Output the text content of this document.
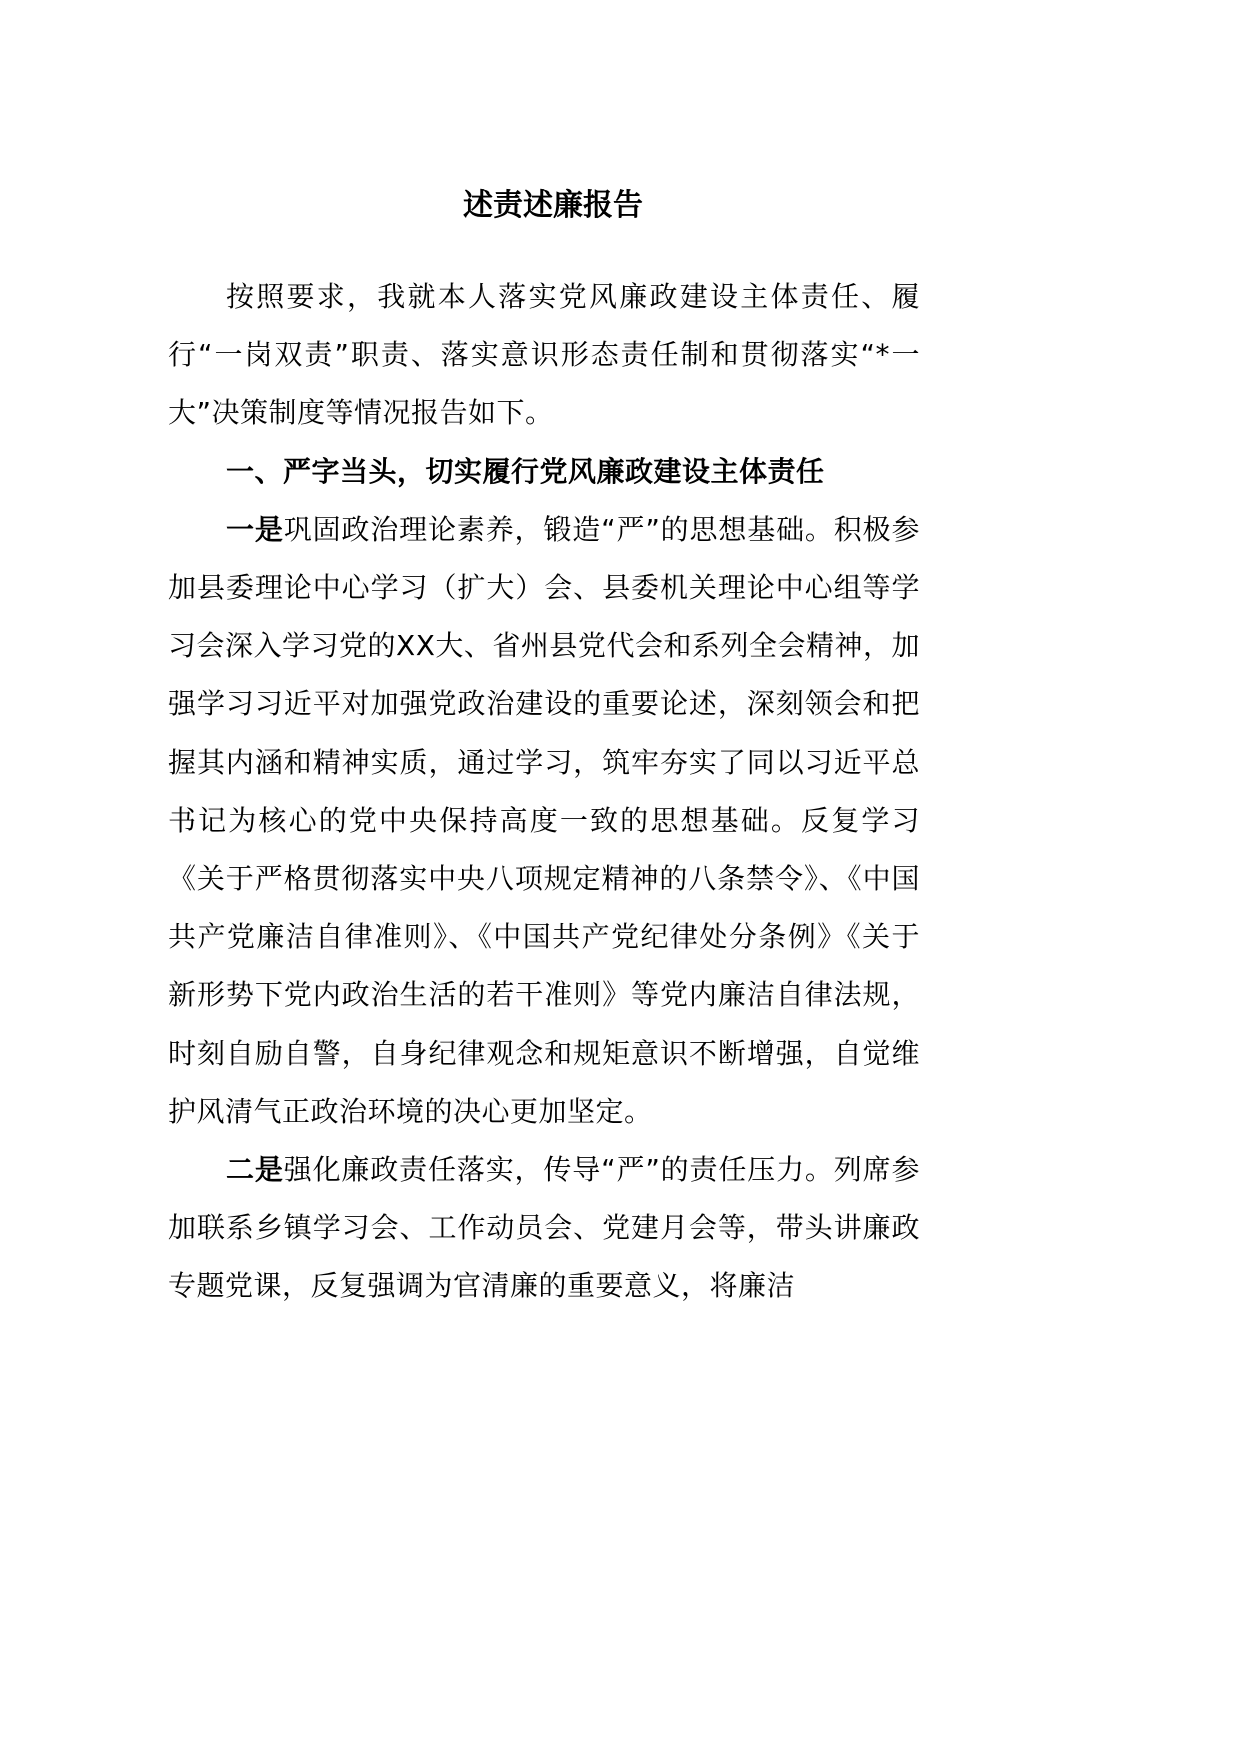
述责述廉报告

按照要求，我就本人落实党风廉政建设主体责任、履行“一岗双责”职责、落实意识形态责任制和贯彻落实“*一大”决策制度等情况报告如下。

一、严字当头，切实履行党风廉政建设主体责任

一是巩固政治理论素养，锻造“严”的思想基础。积极参加县委理论中心学习（扩大）会、县委机关理论中心组等学习会深入学习党的XX大、省州县党代会和系列全会精神，加强学习习近平对加强党政治建设的重要论述，深刻领会和把握其内涵和精神实质，通过学习，筑牢夯实了同以习近平总书记为核心的党中央保持高度一致的思想基础。反复学习《关于严格贯彻落实中央八项规定精神的八条禁令》、《中国共产党廉洁自律准则》、《中国共产党纪律处分条例》《关于新形势下党内政治生活的若干准则》等党内廉洁自律法规，时刻自励自警，自身纪律观念和规矩意识不断增强，自觉维护风清气正政治环境的决心更加坚定。

二是强化廉政责任落实，传导“严”的责任压力。列席参加联系乡镇学习会、工作动员会、党建月会等，带头讲廉政专题党课，反复强调为官清廉的重要意义，将廉洁
